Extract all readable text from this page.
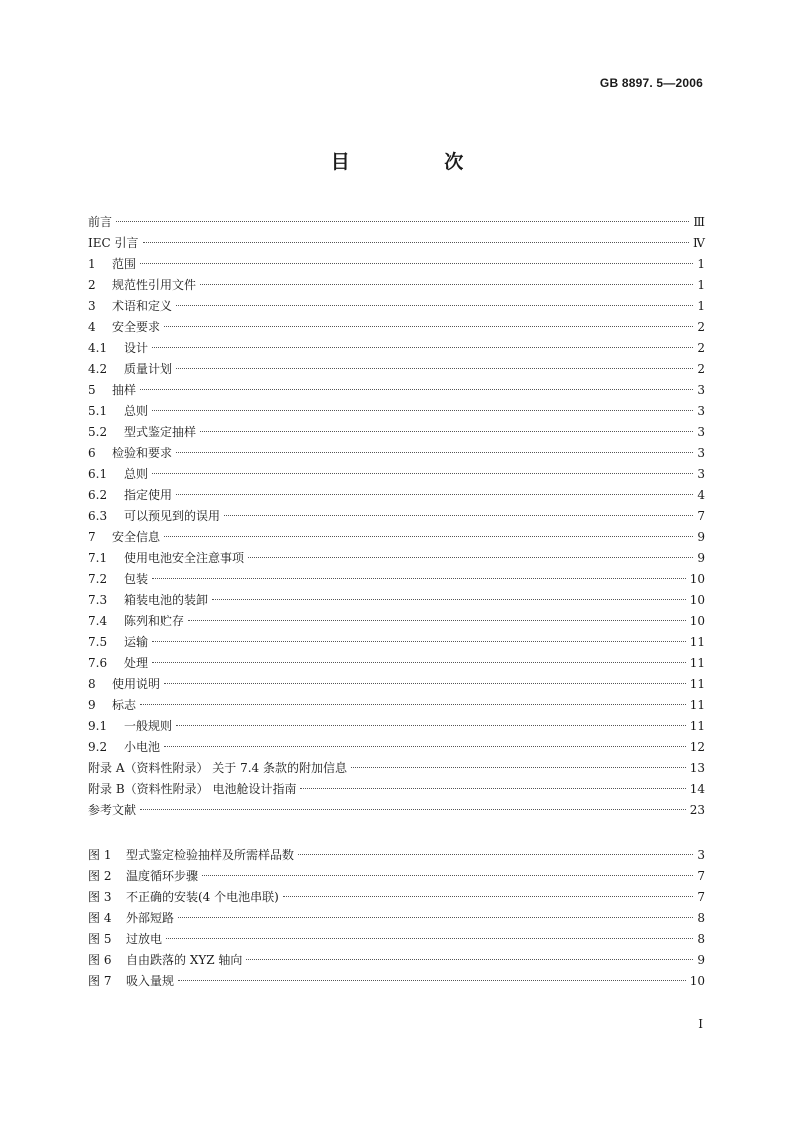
GB 8897. 5—2006
目 次
前言	Ⅲ
IEC 引言	Ⅳ
1 范围	1
2 规范性引用文件	1
3 术语和定义	1
4 安全要求	2
4.1 设计	2
4.2 质量计划	2
5 抽样	3
5.1 总则	3
5.2 型式鉴定抽样	3
6 检验和要求	3
6.1 总则	3
6.2 指定使用	4
6.3 可以预见到的误用	7
7 安全信息	9
7.1 使用电池安全注意事项	9
7.2 包装	10
7.3 箱装电池的装卸	10
7.4 陈列和贮存	10
7.5 运输	11
7.6 处理	11
8 使用说明	11
9 标志	11
9.1 一般规则	11
9.2 小电池	12
附录 A（资料性附录） 关于 7.4 条款的附加信息	13
附录 B（资料性附录） 电池舱设计指南	14
参考文献	23
图 1 型式鉴定检验抽样及所需样品数	3
图 2 温度循环步骤	7
图 3 不正确的安装(4 个电池串联)	7
图 4 外部短路	8
图 5 过放电	8
图 6 自由跌落的 XYZ 轴向	9
图 7 吸入量规	10
I
